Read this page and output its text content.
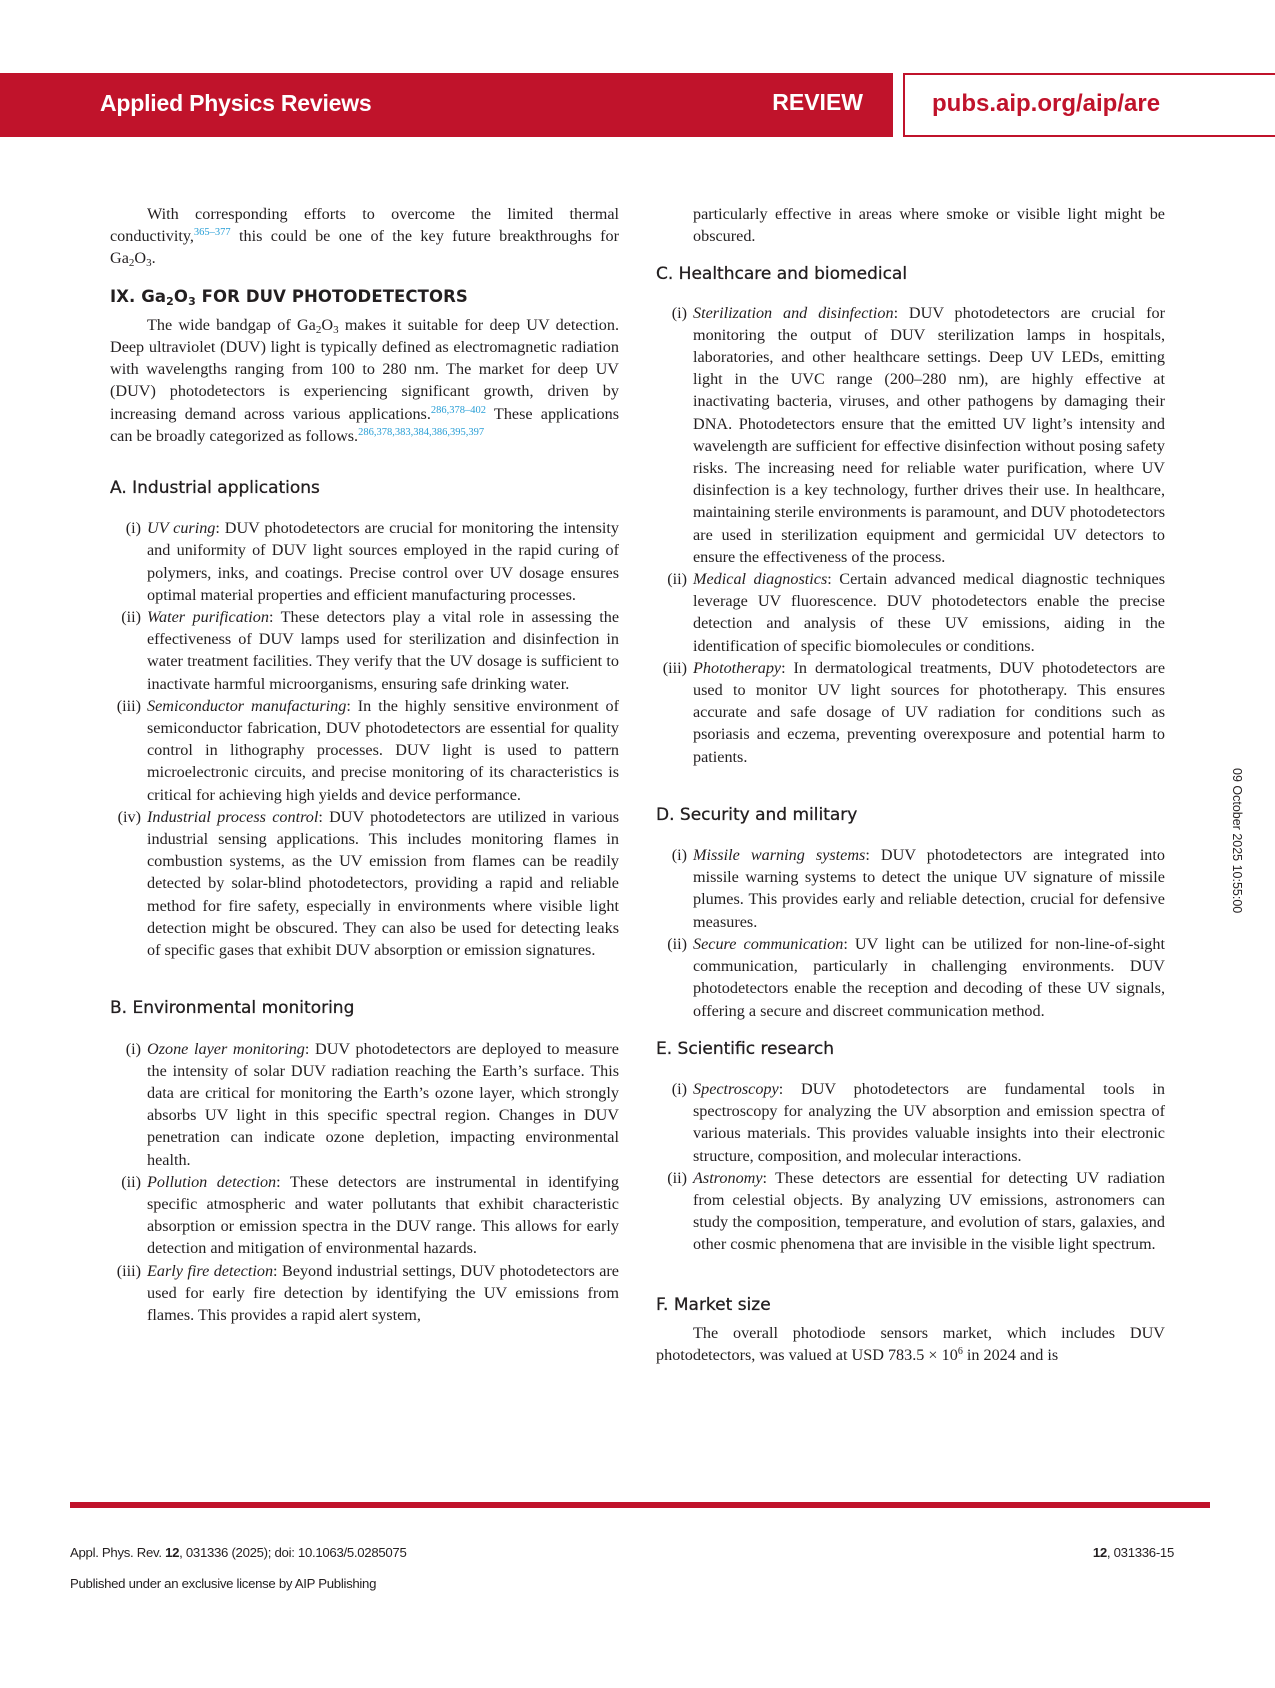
Applied Physics Reviews	REVIEW	pubs.aip.org/aip/are

With corresponding efforts to overcome the limited thermal conductivity,$^{365-377}$ this could be one of the key future breakthroughs for $Ga_2O_3$.

IX. $Ga_2O_3$ FOR DUV PHOTODETECTORS

The wide bandgap of $Ga_2O_3$ makes it suitable for deep UV detection. Deep ultraviolet (DUV) light is typically defined as electromagnetic radiation with wavelengths ranging from 100 to 280 nm. The market for deep UV (DUV) photodetectors is experiencing significant growth, driven by increasing demand across various applications.$^{286,378-402}$ These applications can be broadly categorized as follows.$^{286,378,383,384,386,395,397}$

A. Industrial applications
(i) UV curing: DUV photodetectors are crucial for monitoring the intensity and uniformity of DUV light sources employed in the rapid curing of polymers, inks, and coatings. Precise control over UV dosage ensures optimal material properties and efficient manufacturing processes.
(ii) Water purification: These detectors play a vital role in assessing the effectiveness of DUV lamps used for sterilization and disinfection in water treatment facilities. They verify that the UV dosage is sufficient to inactivate harmful microorganisms, ensuring safe drinking water.
(iii) Semiconductor manufacturing: In the highly sensitive environment of semiconductor fabrication, DUV photodetectors are essential for quality control in lithography processes. DUV light is used to pattern microelectronic circuits, and precise monitoring of its characteristics is critical for achieving high yields and device performance.
(iv) Industrial process control: DUV photodetectors are utilized in various industrial sensing applications. This includes monitoring flames in combustion systems, as the UV emission from flames can be readily detected by solar-blind photodetectors, providing a rapid and reliable method for fire safety, especially in environments where visible light detection might be obscured. They can also be used for detecting leaks of specific gases that exhibit DUV absorption or emission signatures.
B. Environmental monitoring
(i) Ozone layer monitoring: DUV photodetectors are deployed to measure the intensity of solar DUV radiation reaching the Earth’s surface. This data are critical for monitoring the Earth’s ozone layer, which strongly absorbs UV light in this specific spectral region. Changes in DUV penetration can indicate ozone depletion, impacting environmental health.
(ii) Pollution detection: These detectors are instrumental in identifying specific atmospheric and water pollutants that exhibit characteristic absorption or emission spectra in the DUV range. This allows for early detection and mitigation of environmental hazards.
(iii) Early fire detection: Beyond industrial settings, DUV photodetectors are used for early fire detection by identifying the UV emissions from flames. This provides a rapid alert system,

particularly effective in areas where smoke or visible light might be obscured.

C. Healthcare and biomedical
(i) Sterilization and disinfection: DUV photodetectors are crucial for monitoring the output of DUV sterilization lamps in hospitals, laboratories, and other healthcare settings. Deep UV LEDs, emitting light in the UVC range (200–280 nm), are highly effective at inactivating bacteria, viruses, and other pathogens by damaging their DNA. Photodetectors ensure that the emitted UV light’s intensity and wavelength are sufficient for effective disinfection without posing safety risks. The increasing need for reliable water purification, where UV disinfection is a key technology, further drives their use. In healthcare, maintaining sterile environments is paramount, and DUV photodetectors are used in sterilization equipment and germicidal UV detectors to ensure the effectiveness of the process.
(ii) Medical diagnostics: Certain advanced medical diagnostic techniques leverage UV fluorescence. DUV photodetectors enable the precise detection and analysis of these UV emissions, aiding in the identification of specific biomolecules or conditions.
(iii) Phototherapy: In dermatological treatments, DUV photodetectors are used to monitor UV light sources for phototherapy. This ensures accurate and safe dosage of UV radiation for conditions such as psoriasis and eczema, preventing overexposure and potential harm to patients.
D. Security and military
(i) Missile warning systems: DUV photodetectors are integrated into missile warning systems to detect the unique UV signature of missile plumes. This provides early and reliable detection, crucial for defensive measures.
(ii) Secure communication: UV light can be utilized for non-line-of-sight communication, particularly in challenging environments. DUV photodetectors enable the reception and decoding of these UV signals, offering a secure and discreet communication method.
E. Scientific research
(i) Spectroscopy: DUV photodetectors are fundamental tools in spectroscopy for analyzing the UV absorption and emission spectra of various materials. This provides valuable insights into their electronic structure, composition, and molecular interactions.
(ii) Astronomy: These detectors are essential for detecting UV radiation from celestial objects. By analyzing UV emissions, astronomers can study the composition, temperature, and evolution of stars, galaxies, and other cosmic phenomena that are invisible in the visible light spectrum.
F. Market size

The overall photodiode sensors market, which includes DUV photodetectors, was valued at USD $783.5 \times 10^6$ in 2024 and is

09 October 2025 10:55:00
Appl. Phys. Rev. 12, 031336 (2025); doi: 10.1063/5.0285075
Published under an exclusive license by AIP Publishing
12, 031336-15
